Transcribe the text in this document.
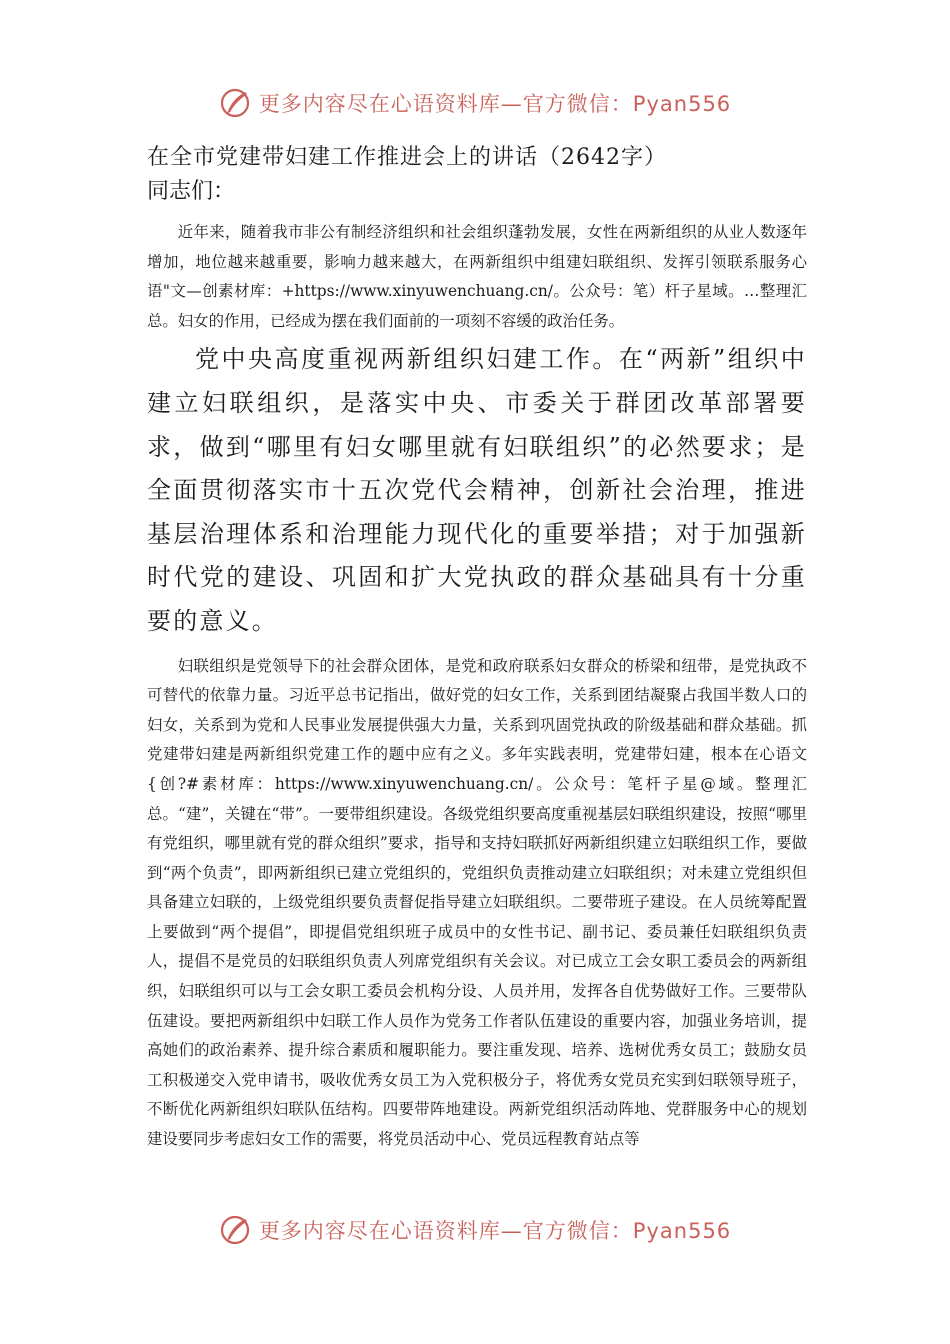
更多内容尽在心语资料库—官方微信：Pyan556

在全市党建带妇建工作推进会上的讲话（2642字）

同志们：

近年来，随着我市非公有制经济组织和社会组织蓬勃发展，女性在两新组织的从业人数逐年增加，地位越来越重要，影响力越来越大，在两新组织中组建妇联组织、发挥引领联系服务心语"文—创素材库：+https://www.xinyuwenchuang.cn/。公众号：笔）杆子星域。…整理汇总。妇女的作用，已经成为摆在我们面前的一项刻不容缓的政治任务。

党中央高度重视两新组织妇建工作。在“两新”组织中建立妇联组织，是落实中央、市委关于群团改革部署要求，做到“哪里有妇女哪里就有妇联组织”的必然要求；是全面贯彻落实市十五次党代会精神，创新社会治理，推进基层治理体系和治理能力现代化的重要举措；对于加强新时代党的建设、巩固和扩大党执政的群众基础具有十分重要的意义。

妇联组织是党领导下的社会群众团体，是党和政府联系妇女群众的桥梁和纽带，是党执政不可替代的依靠力量。习近平总书记指出，做好党的妇女工作，关系到团结凝聚占我国半数人口的妇女，关系到为党和人民事业发展提供强大力量，关系到巩固党执政的阶级基础和群众基础。抓党建带妇建是两新组织党建工作的题中应有之义。多年实践表明，党建带妇建，根本在心语文{创?#素材库：https://www.xinyuwenchuang.cn/。公众号：笔杆子星@域。整理汇总。“建”，关键在“带”。一要带组织建设。各级党组织要高度重视基层妇联组织建设，按照“哪里有党组织，哪里就有党的群众组织”要求，指导和支持妇联抓好两新组织建立妇联组织工作，要做到“两个负责”，即两新组织已建立党组织的，党组织负责推动建立妇联组织；对未建立党组织但具备建立妇联的，上级党组织要负责督促指导建立妇联组织。二要带班子建设。在人员统筹配置上要做到“两个提倡”，即提倡党组织班子成员中的女性书记、副书记、委员兼任妇联组织负责人，提倡不是党员的妇联组织负责人列席党组织有关会议。对已成立工会女职工委员会的两新组织，妇联组织可以与工会女职工委员会机构分设、人员并用，发挥各自优势做好工作。三要带队伍建设。要把两新组织中妇联工作人员作为党务工作者队伍建设的重要内容，加强业务培训，提高她们的政治素养、提升综合素质和履职能力。要注重发现、培养、选树优秀女员工；鼓励女员工积极递交入党申请书，吸收优秀女员工为入党积极分子，将优秀女党员充实到妇联领导班子，不断优化两新组织妇联队伍结构。四要带阵地建设。两新党组织活动阵地、党群服务中心的规划建设要同步考虑妇女工作的需要，将党员活动中心、党员远程教育站点等

更多内容尽在心语资料库—官方微信：Pyan556
